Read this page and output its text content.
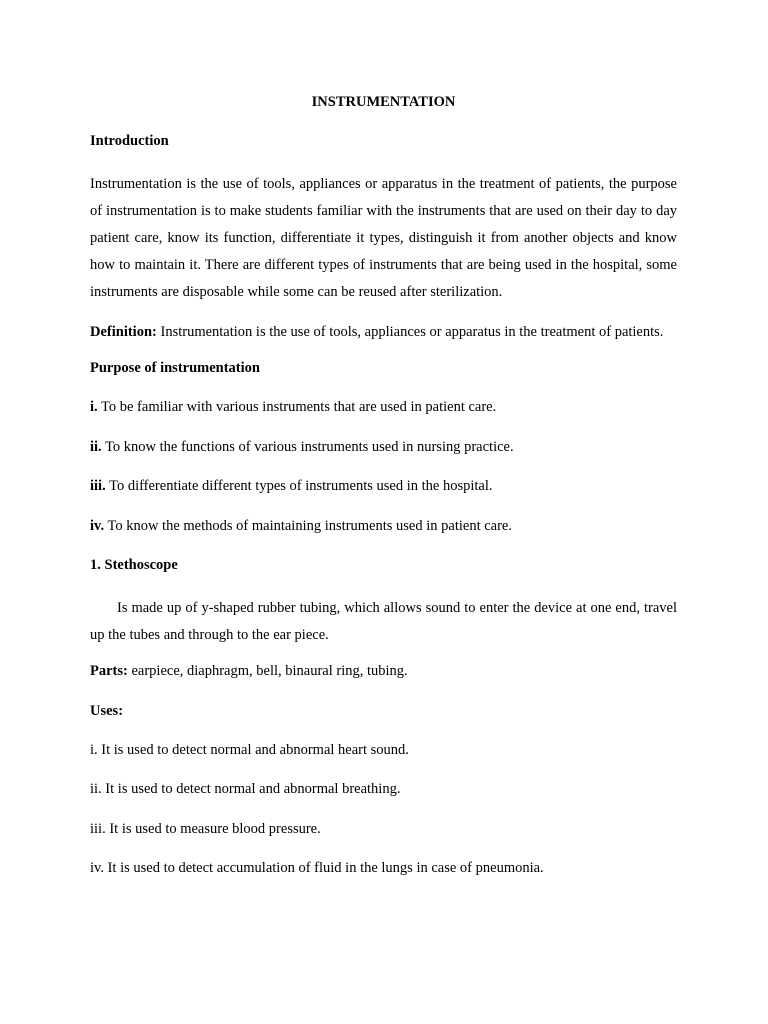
INSTRUMENTATION
Introduction

Instrumentation is the use of tools, appliances or apparatus in the treatment of patients, the purpose of instrumentation is to make students familiar with the instruments that are used on their day to day patient care, know its function, differentiate it types, distinguish it from another objects and know how to maintain it. There are different types of instruments that are being used in the hospital, some instruments are disposable while some can be reused after sterilization.

Definition: Instrumentation is the use of tools, appliances or apparatus in the treatment of patients.

Purpose of instrumentation
i. To be familiar with various instruments that are used in patient care.
ii. To know the functions of various instruments used in nursing practice.
iii. To differentiate different types of instruments used in the hospital.
iv. To know the methods of maintaining instruments used in patient care.
1. Stethoscope

Is made up of y-shaped rubber tubing, which allows sound to enter the device at one end, travel up the tubes and through to the ear piece.

Parts: earpiece, diaphragm, bell, binaural ring, tubing.
Uses:
i. It is used to detect normal and abnormal heart sound.
ii. It is used to detect normal and abnormal breathing.
iii. It is used to measure blood pressure.
iv. It is used to detect accumulation of fluid in the lungs in case of pneumonia.
